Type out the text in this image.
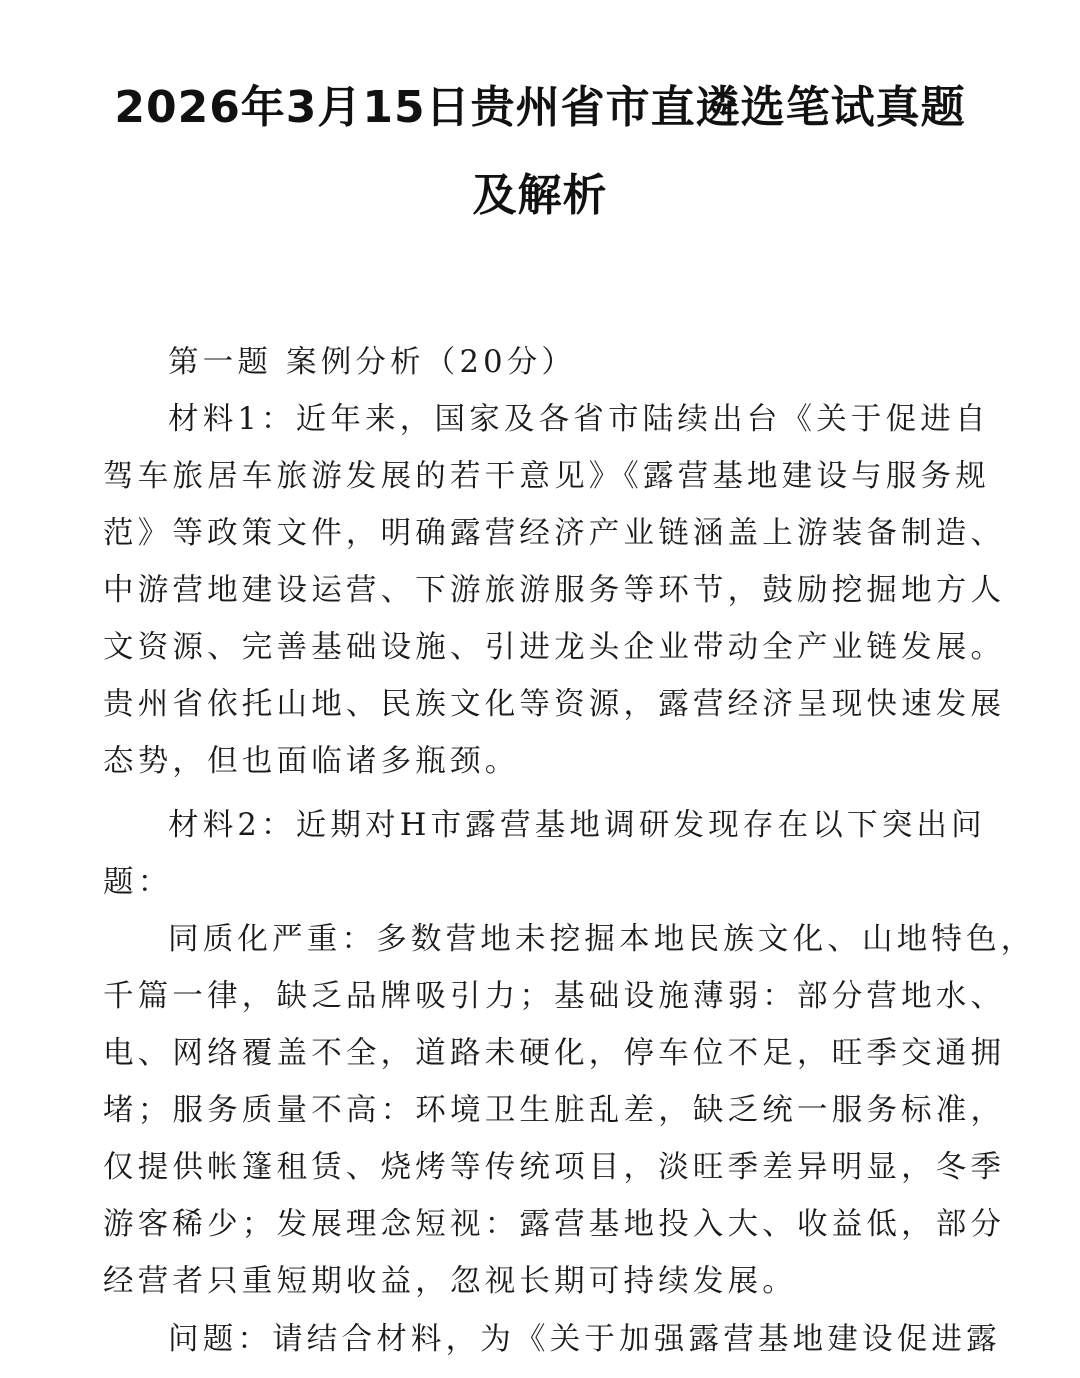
2026年3月15日贵州省市直遴选笔试真题
及解析
第一题 案例分析（20分）
材料1：近年来，国家及各省市陆续出台《关于促进自
驾车旅居车旅游发展的若干意见》《露营基地建设与服务规
范》等政策文件，明确露营经济产业链涵盖上游装备制造、
中游营地建设运营、下游旅游服务等环节，鼓励挖掘地方人
文资源、完善基础设施、引进龙头企业带动全产业链发展。
贵州省依托山地、民族文化等资源，露营经济呈现快速发展
态势，但也面临诸多瓶颈。
材料2：近期对H市露营基地调研发现存在以下突出问
题：
同质化严重：多数营地未挖掘本地民族文化、山地特色，
千篇一律，缺乏品牌吸引力；基础设施薄弱：部分营地水、
电、网络覆盖不全，道路未硬化，停车位不足，旺季交通拥
堵；服务质量不高：环境卫生脏乱差，缺乏统一服务标准，
仅提供帐篷租赁、烧烤等传统项目，淡旺季差异明显，冬季
游客稀少；发展理念短视：露营基地投入大、收益低，部分
经营者只重短期收益，忽视长期可持续发展。
问题：请结合材料，为《关于加强露营基地建设促进露
